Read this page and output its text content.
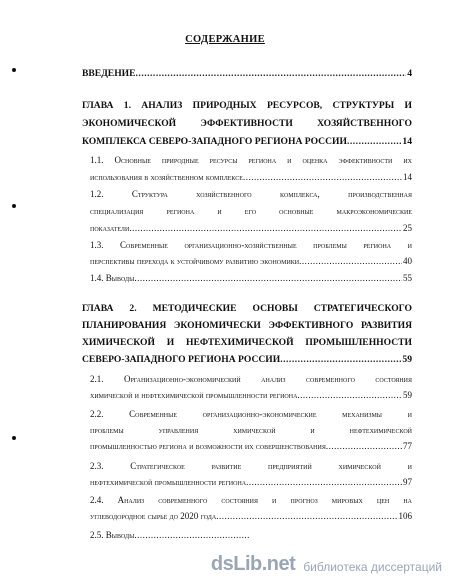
СОДЕРЖАНИЕ
ВВЕДЕНИЕ .....	4
ГЛАВА 1. АНАЛИЗ ПРИРОДНЫХ РЕСУРСОВ, СТРУКТУРЫ И
ЭКОНОМИЧЕСКОЙ ЭФФЕКТИВНОСТИ ХОЗЯЙСТВЕННОГО
КОМПЛЕКСА СЕВЕРО-ЗАПАДНОГО РЕГИОНА РОССИИ .....	14
1.1. Основные природные ресурсы региона и оценка эффективности их
использования в хозяйственном комплексе .....	14
1.2. Структура хозяйственного комплекса, производственная
специализация региона и его основные макроэкономические
показатели .....	25
1.3. Современные организационно-хозяйственные проблемы региона и
перспективы перехода к устойчивому развитию экономики .....	40
1.4. Выводы .....	55
ГЛАВА 2. МЕТОДИЧЕСКИЕ ОСНОВЫ СТРАТЕГИЧЕСКОГО
ПЛАНИРОВАНИЯ ЭКОНОМИЧЕСКИ ЭФФЕКТИВНОГО РАЗВИТИЯ
ХИМИЧЕСКОЙ И НЕФТЕХИМИЧЕСКОЙ ПРОМЫШЛЕННОСТИ
СЕВЕРО-ЗАПАДНОГО РЕГИОНА РОССИИ .....	59
2.1. Организационно-экономический анализ современного состояния
химической и нефтехимической промышленности региона .....	59
2.2. Современные организационно-экономические механизмы и
проблемы управления химической и нефтехимической
промышленностью региона и возможности их совершенствования .....	77
2.3. Стратегическое развитие предприятий химической и
нефтехимической промышленности региона .....	97
2.4. Анализ современного состояния и прогноз мировых цен на
углеводородное сырье до 2020 года .....	106
2.5. Выводы
.....
dsLib.net библиотека диссертаций
